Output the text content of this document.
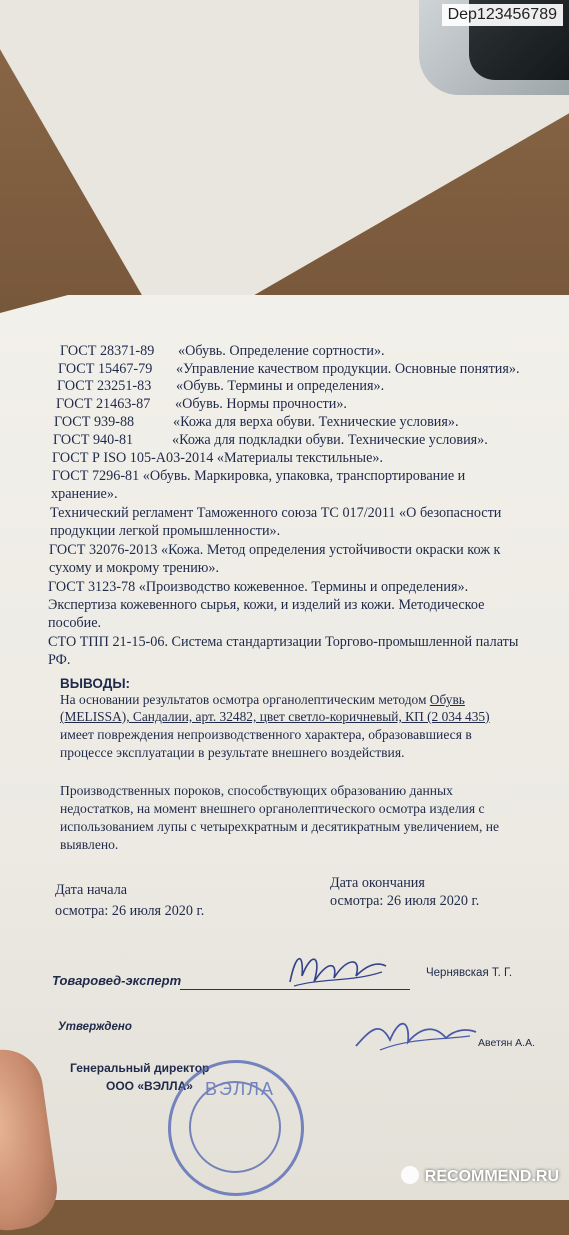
Dep123456789
ГОСТ 28371-89 «Обувь. Определение сортности».
ГОСТ 15467-79 «Управление качеством продукции. Основные понятия».
ГОСТ 23251-83 «Обувь. Термины и определения».
ГОСТ 21463-87 «Обувь. Нормы прочности».
ГОСТ 939-88	«Кожа для верха обуви. Технические условия».
ГОСТ 940-81	«Кожа для подкладки обуви. Технические условия».
ГОСТ Р ISO 105-A03-2014 «Материалы текстильные».
ГОСТ 7296-81 «Обувь. Маркировка, упаковка, транспортирование и
хранение».
Технический регламент Таможенного союза ТС 017/2011 «О безопасности
продукции легкой промышленности».
ГОСТ 32076-2013 «Кожа. Метод определения устойчивости окраски кож к
сухому и мокрому трению».
ГОСТ 3123-78 «Производство кожевенное. Термины и определения».
Экспертиза кожевенного сырья, кожи, и изделий из кожи. Методическое
пособие.
СТО ТПП 21-15-06. Система стандартизации Торгово-промышленной палаты
РФ.
ВЫВОДЫ:
На основании результатов осмотра органолептическим методом Обувь
(MELISSA), Сандалии, арт. 32482, цвет светло-коричневый, КП (2 034 435)
имеет повреждения непроизводственного характера, образовавшиеся в
процессе эксплуатации в результате внешнего воздействия.
Производственных пороков, способствующих образованию данных
недостатков, на момент внешнего органолептического осмотра изделия с
использованием лупы с четырехкратным и десятикратным увеличением, не
выявлено.
Дата начала
осмотра: 26 июля 2020 г.
Дата окончания
осмотра: 26 июля 2020 г.
Товаровед-эксперт	Чернявская Т. Г.
Утверждено
Генеральный директор
ООО «ВЭЛЛА»
Аветян А.А.
ВЭЛЛА
RECOMMEND.RU
